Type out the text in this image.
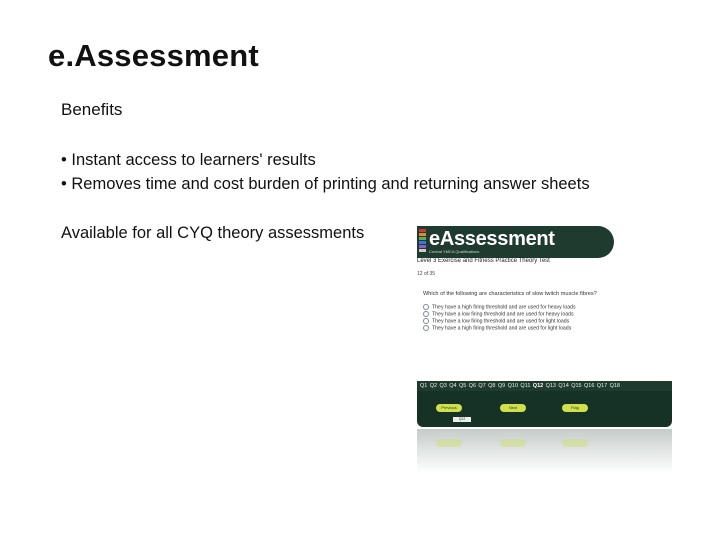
e.Assessment
Benefits
• Instant access to learners' results
• Removes time and cost burden of printing and returning answer sheets
Available for all CYQ theory assessments	eAssessment
Central YMCA Qualifications
Level 3 Exercise and Fitness Practice Theory Test
12 of 35
Which of the following are characteristics of slow twitch muscle fibres?
They have a high firing threshold and are used for heavy loads
They have a low firing threshold and are used for heavy loads
They have a low firing threshold and are used for light loads
They have a high firing threshold and are used for light loads
Q1 Q2 Q3 Q4 Q5 Q6 Q7 Q8 Q9 Q10 Q11 Q12 Q13 Q14 Q15 Q16 Q17 Q18
Previous	Next	Flag
Q12
